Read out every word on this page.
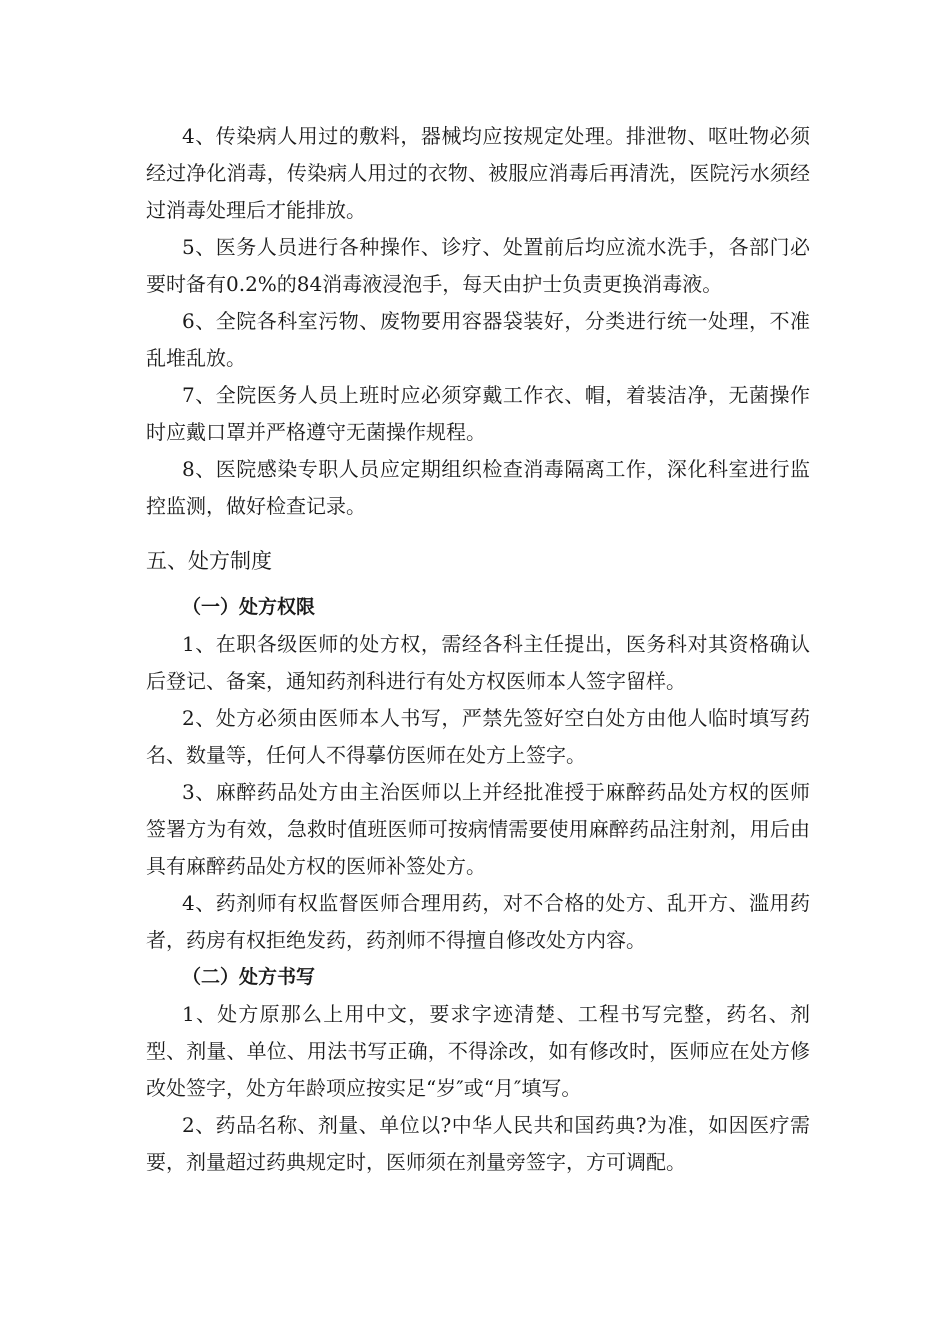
4、传染病人用过的敷料，器械均应按规定处理。排泄物、呕吐物必须经过净化消毒，传染病人用过的衣物、被服应消毒后再清洗，医院污水须经过消毒处理后才能排放。

5、医务人员进行各种操作、诊疗、处置前后均应流水洗手，各部门必要时备有0.2%的84消毒液浸泡手，每天由护士负责更换消毒液。

6、全院各科室污物、废物要用容器袋装好，分类进行统一处理，不准乱堆乱放。

7、全院医务人员上班时应必须穿戴工作衣、帽，着装洁净，无菌操作时应戴口罩并严格遵守无菌操作规程。

8、医院感染专职人员应定期组织检查消毒隔离工作，深化科室进行监控监测，做好检查记录。

五、处方制度
（一）处方权限

1、在职各级医师的处方权，需经各科主任提出，医务科对其资格确认后登记、备案，通知药剂科进行有处方权医师本人签字留样。

2、处方必须由医师本人书写，严禁先签好空白处方由他人临时填写药名、数量等，任何人不得摹仿医师在处方上签字。

3、麻醉药品处方由主治医师以上并经批准授于麻醉药品处方权的医师签署方为有效，急救时值班医师可按病情需要使用麻醉药品注射剂，用后由具有麻醉药品处方权的医师补签处方。

4、药剂师有权监督医师合理用药，对不合格的处方、乱开方、滥用药者，药房有权拒绝发药，药剂师不得擅自修改处方内容。

（二）处方书写

1、处方原那么上用中文，要求字迹清楚、工程书写完整，药名、剂型、剂量、单位、用法书写正确，不得涂改，如有修改时，医师应在处方修改处签字，处方年龄项应按实足“岁″或“月″填写。

2、药品名称、剂量、单位以?中华人民共和国药典?为准，如因医疗需要，剂量超过药典规定时，医师须在剂量旁签字，方可调配。
